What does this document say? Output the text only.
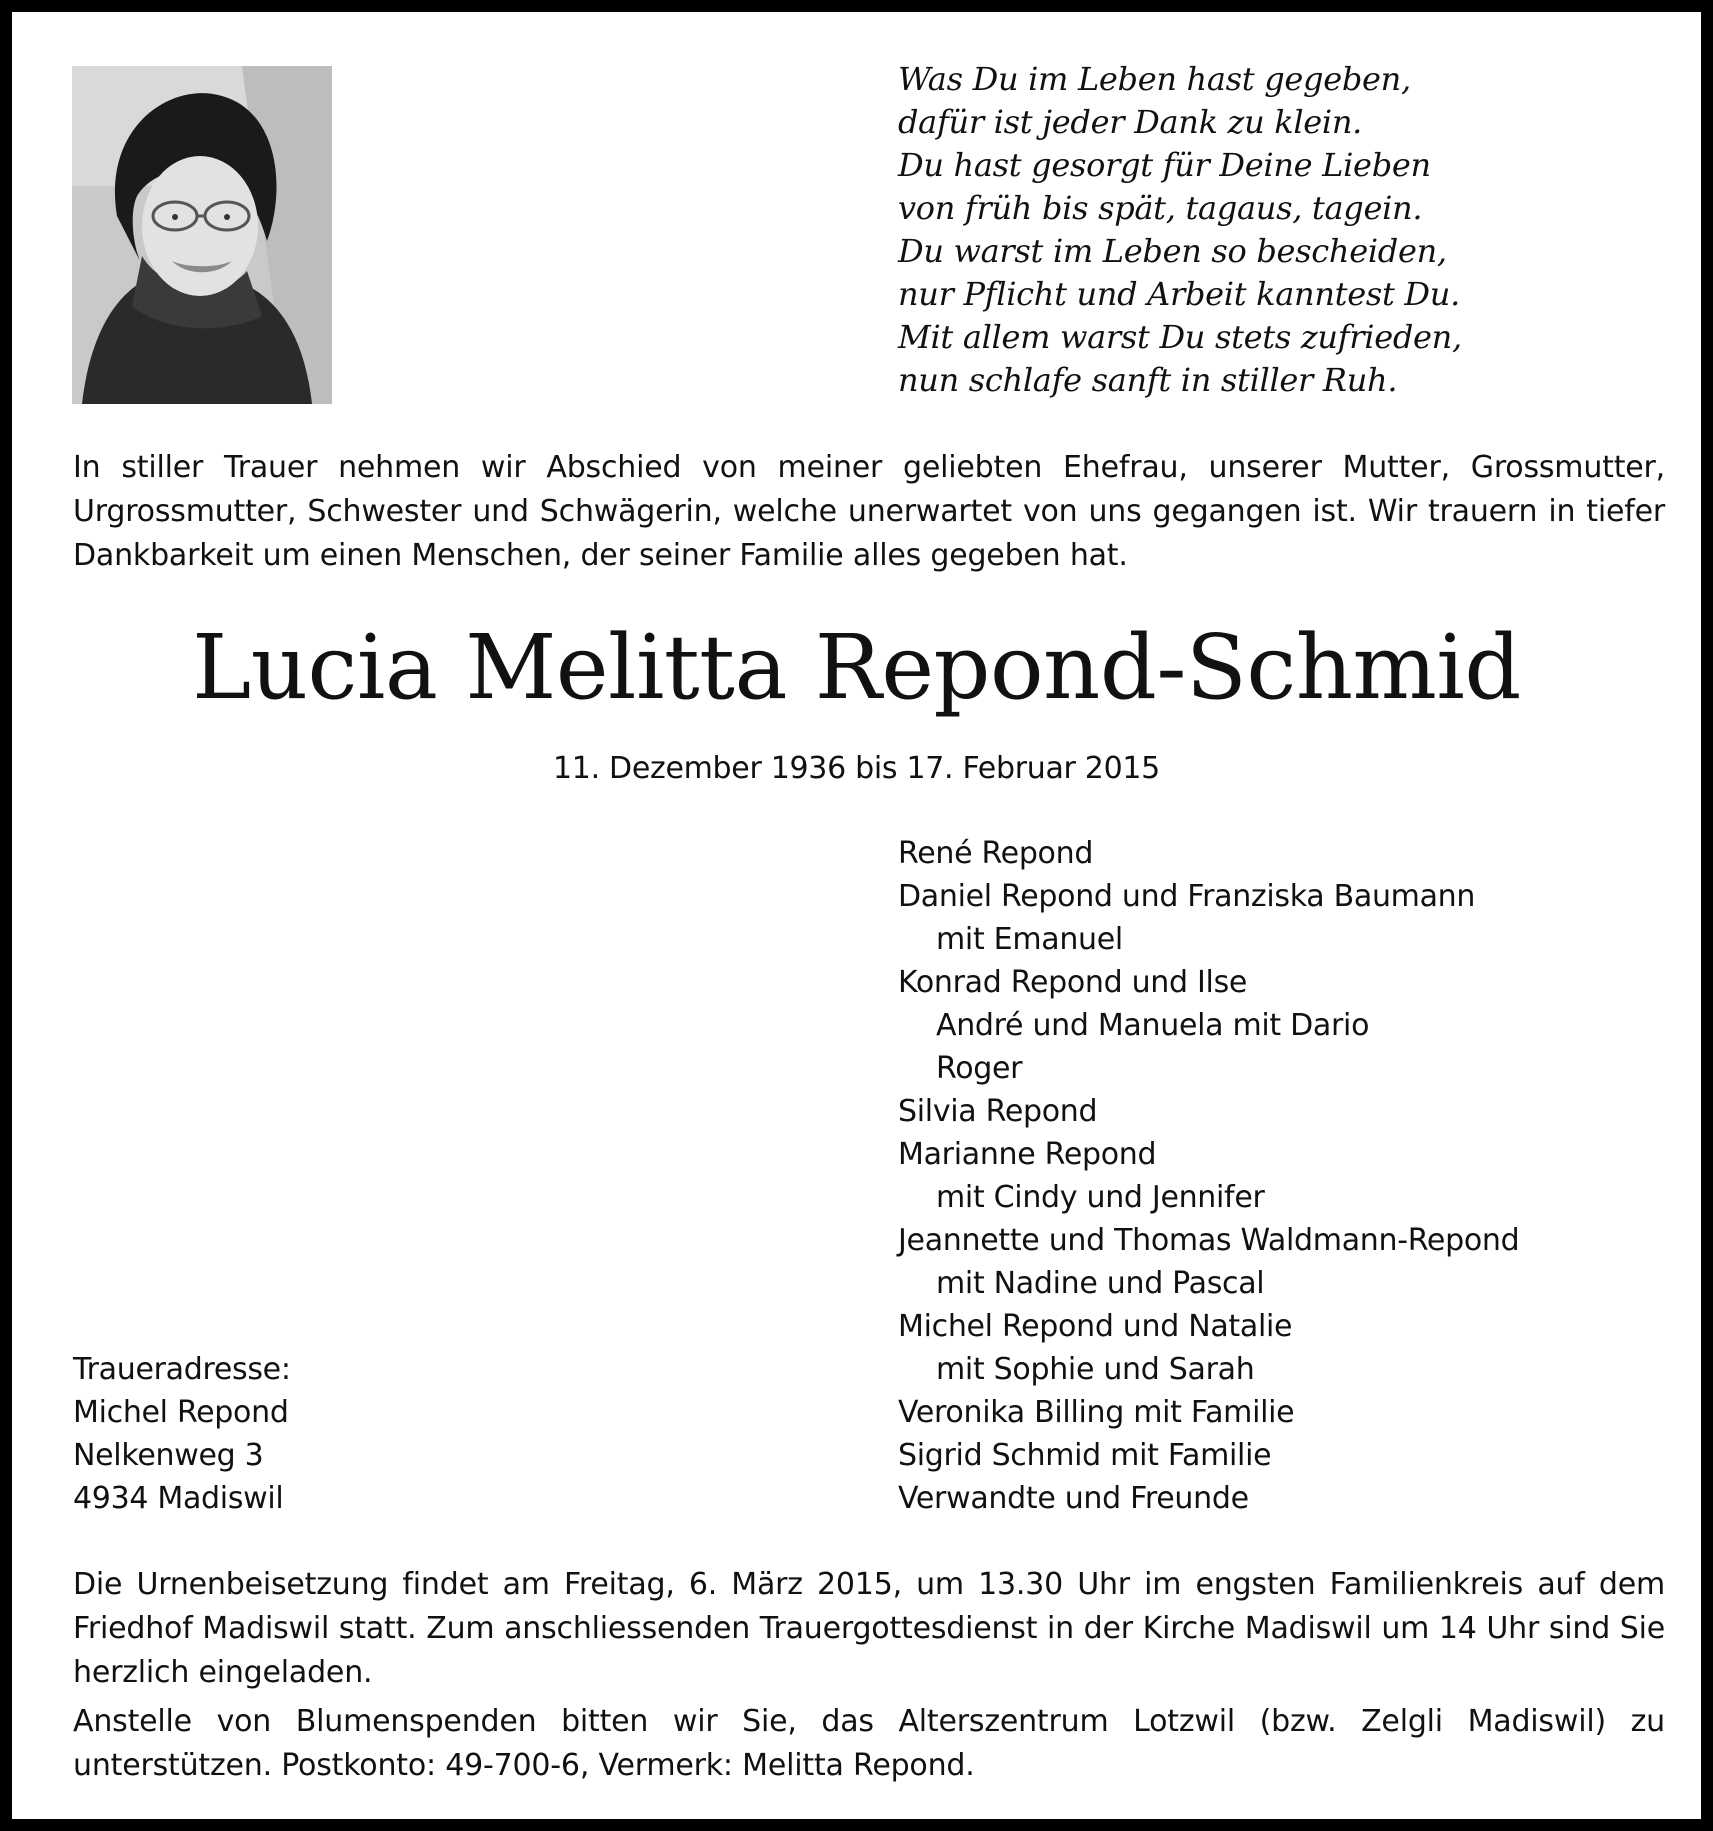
Was Du im Leben hast gegeben,
dafür ist jeder Dank zu klein.
Du hast gesorgt für Deine Lieben
von früh bis spät, tagaus, tagein.
Du warst im Leben so bescheiden,
nur Pflicht und Arbeit kanntest Du.
Mit allem warst Du stets zufrieden,
nun schlafe sanft in stiller Ruh.

In stiller Trauer nehmen wir Abschied von meiner geliebten Ehefrau, unserer Mutter, Grossmutter, Urgrossmutter, Schwester und Schwägerin, welche unerwartet von uns gegangen ist. Wir trauern in tiefer Dankbarkeit um einen Menschen, der seiner Familie alles gegeben hat.

Lucia Melitta Repond-Schmid
11. Dezember 1936 bis 17. Februar 2015
René Repond
Daniel Repond und Franziska Baumann
mit Emanuel
Konrad Repond und Ilse
André und Manuela mit Dario
Roger
Silvia Repond
Marianne Repond
mit Cindy und Jennifer
Jeannette und Thomas Waldmann-Repond
mit Nadine und Pascal
Michel Repond und Natalie
mit Sophie und Sarah
Veronika Billing mit Familie
Sigrid Schmid mit Familie
Verwandte und Freunde
Traueradresse:
Michel Repond
Nelkenweg 3
4934 Madiswil

Die Urnenbeisetzung findet am Freitag, 6. März 2015, um 13.30 Uhr im engsten Familienkreis auf dem Friedhof Madiswil statt. Zum anschliessenden Trauergottesdienst in der Kirche Madiswil um 14 Uhr sind Sie herzlich eingeladen.

Anstelle von Blumenspenden bitten wir Sie, das Alterszentrum Lotzwil (bzw. Zelgli Madiswil) zu unterstützen. Postkonto: 49-700-6, Vermerk: Melitta Repond.
